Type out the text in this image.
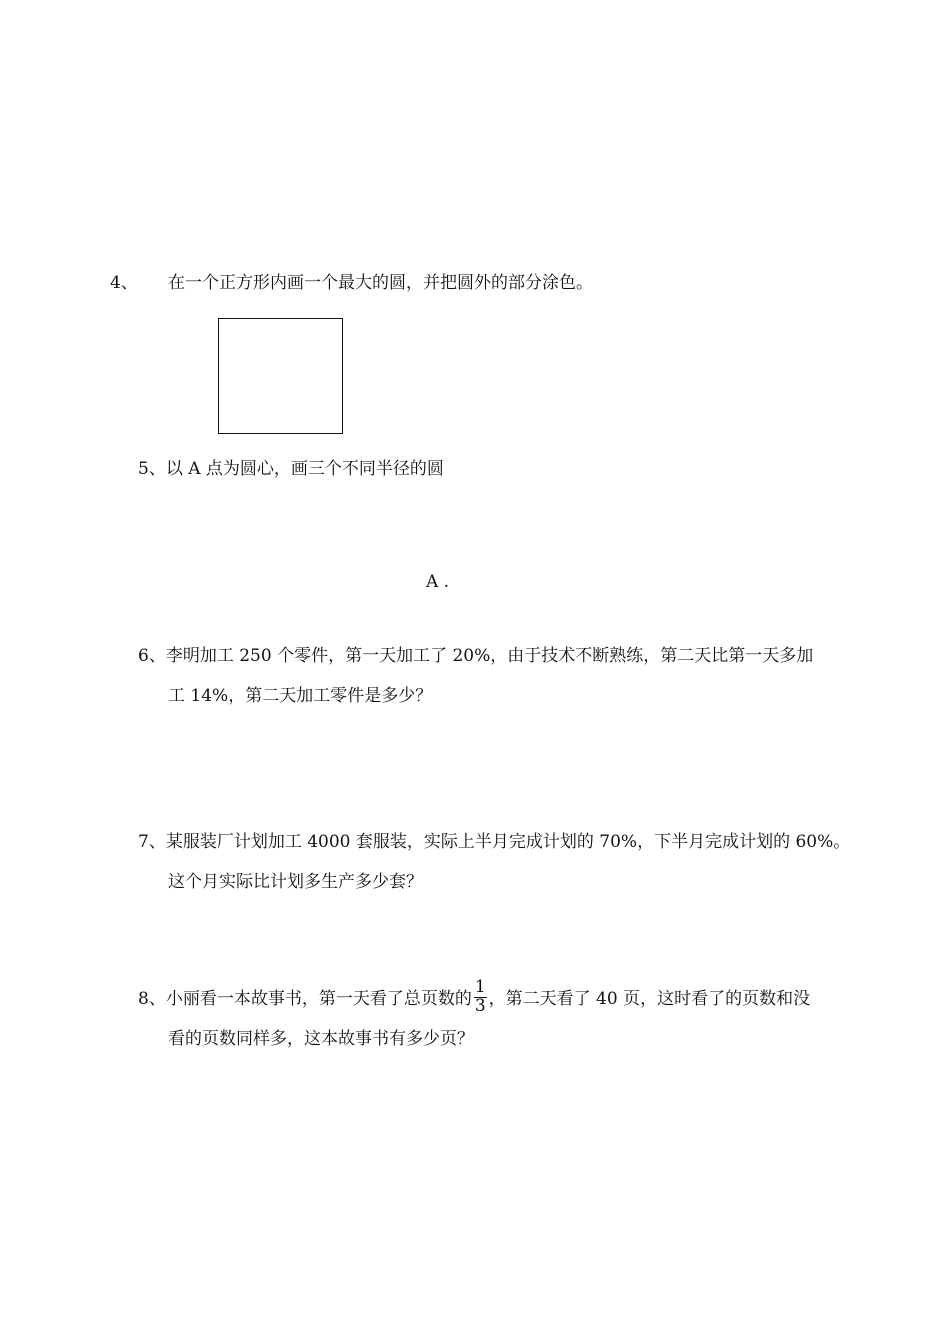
4、 在一个正方形内画一个最大的圆，并把圆外的部分涂色。
5、以 A 点为圆心，画三个不同半径的圆
A .
6、李明加工 250 个零件，第一天加工了 20%，由于技术不断熟练，第二天比第一天多加
工 14%，第二天加工零件是多少？
7、某服装厂计划加工 4000 套服装，实际上半月完成计划的 70%，下半月完成计划的 60%。
这个月实际比计划多生产多少套？
8、小丽看一本故事书，第一天看了总页数的 $\frac{1}{3}$ ，第二天看了 40 页，这时看了的页数和没
看的页数同样多，这本故事书有多少页？
